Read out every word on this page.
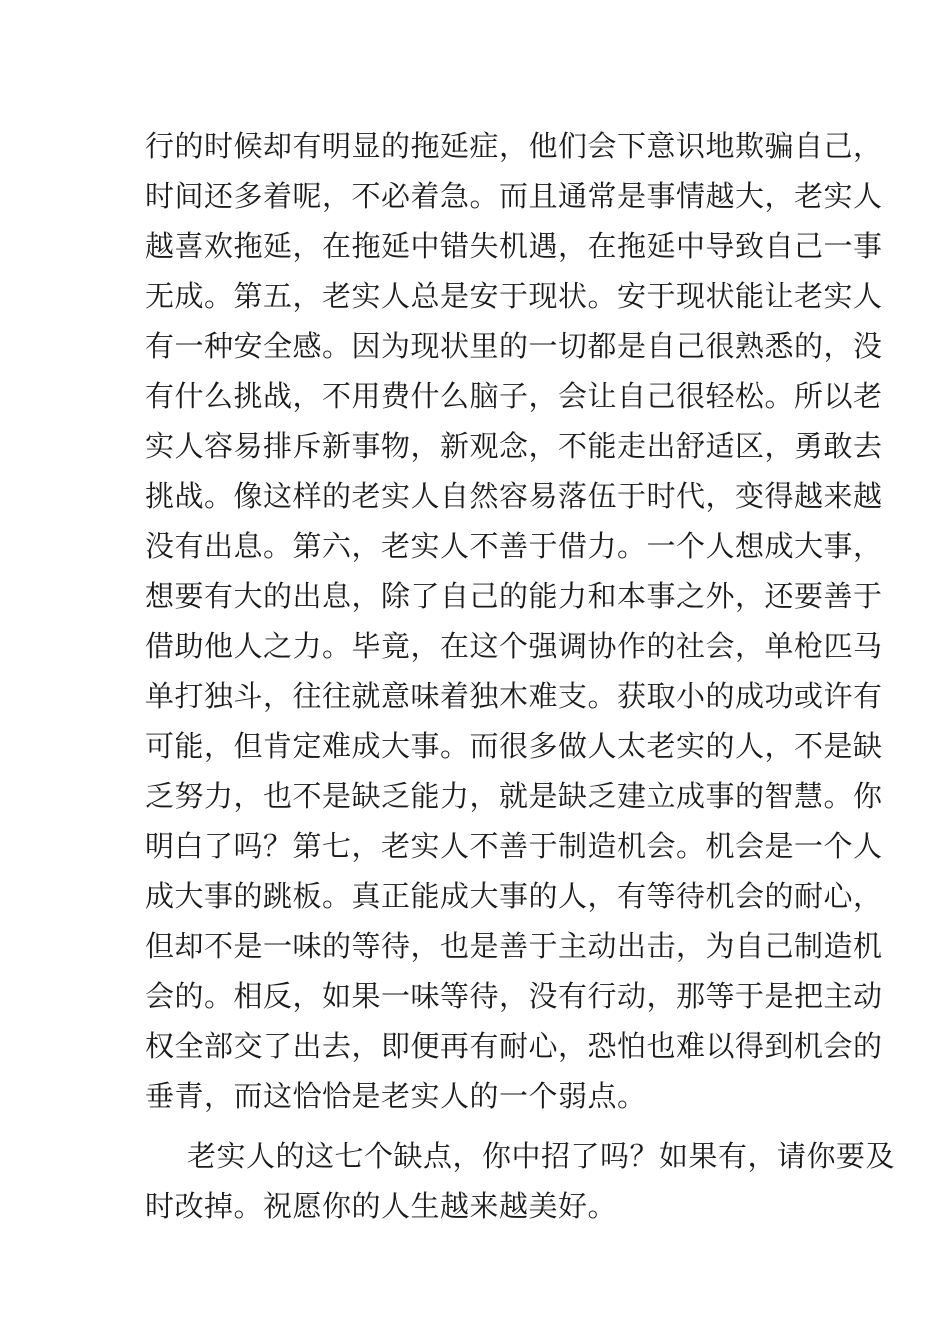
行的时候却有明显的拖延症，他们会下意识地欺骗自己，
时间还多着呢，不必着急。而且通常是事情越大，老实人
越喜欢拖延，在拖延中错失机遇，在拖延中导致自己一事
无成。第五，老实人总是安于现状。安于现状能让老实人
有一种安全感。因为现状里的一切都是自己很熟悉的，没
有什么挑战，不用费什么脑子，会让自己很轻松。所以老
实人容易排斥新事物，新观念，不能走出舒适区，勇敢去
挑战。像这样的老实人自然容易落伍于时代，变得越来越
没有出息。第六，老实人不善于借力。一个人想成大事，
想要有大的出息，除了自己的能力和本事之外，还要善于
借助他人之力。毕竟，在这个强调协作的社会，单枪匹马
单打独斗，往往就意味着独木难支。获取小的成功或许有
可能，但肯定难成大事。而很多做人太老实的人，不是缺
乏努力，也不是缺乏能力，就是缺乏建立成事的智慧。你
明白了吗？第七，老实人不善于制造机会。机会是一个人
成大事的跳板。真正能成大事的人，有等待机会的耐心，
但却不是一味的等待，也是善于主动出击，为自己制造机
会的。相反，如果一味等待，没有行动，那等于是把主动
权全部交了出去，即便再有耐心，恐怕也难以得到机会的
垂青，而这恰恰是老实人的一个弱点。
老实人的这七个缺点，你中招了吗？如果有，请你要及
时改掉。祝愿你的人生越来越美好。
